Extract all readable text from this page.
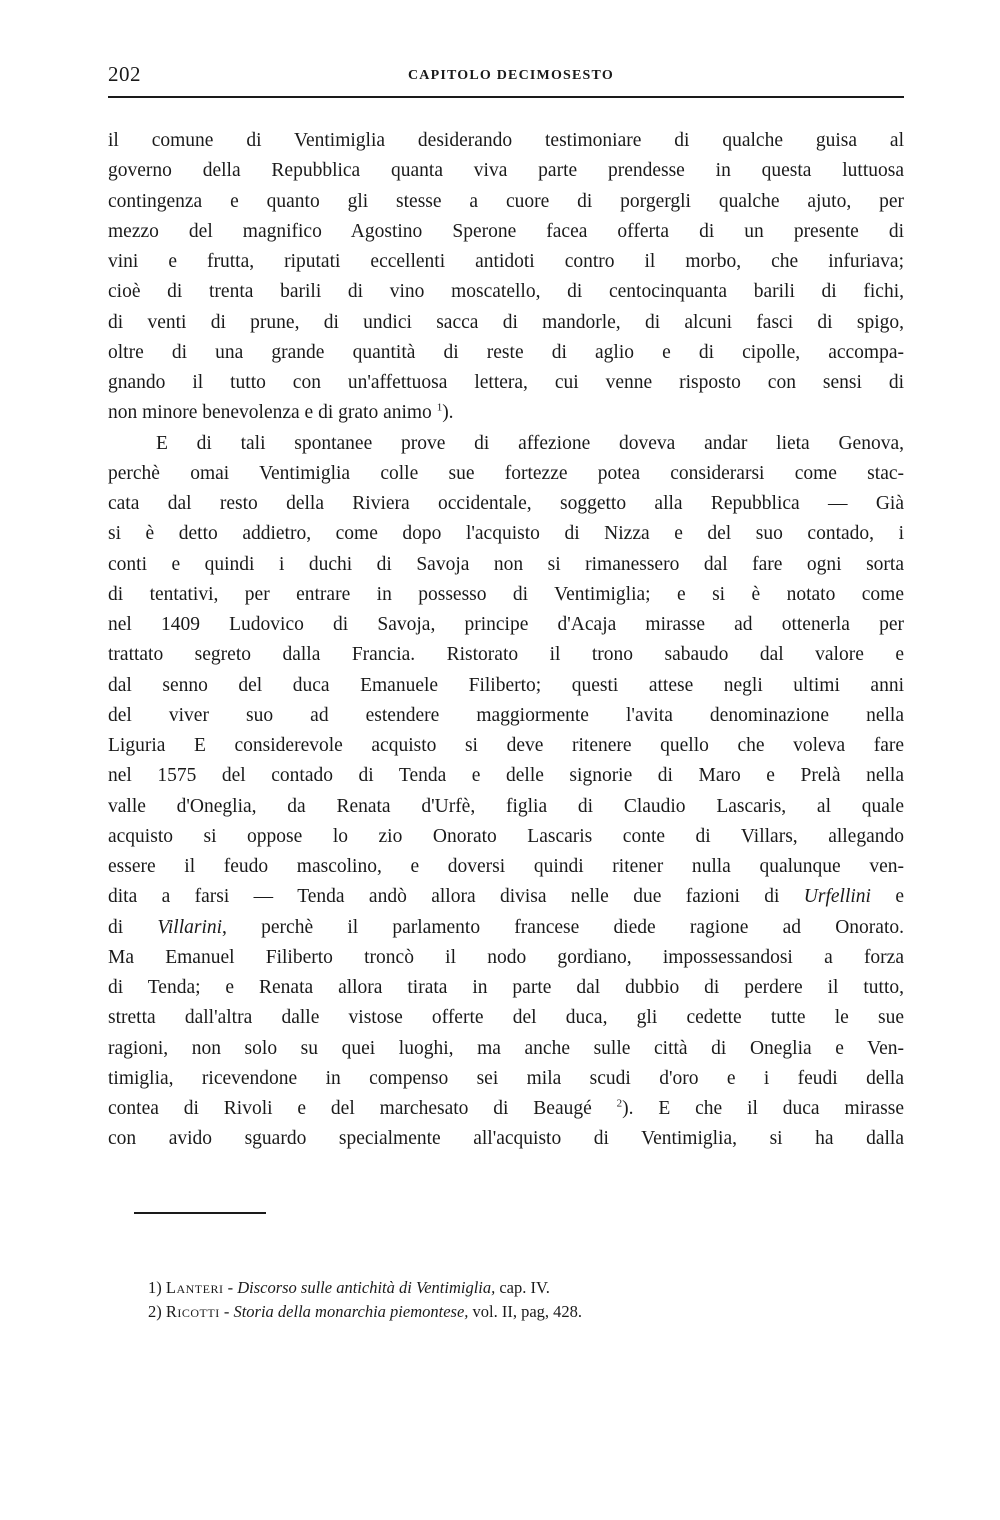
202	CAPITOLO DECIMOSESTO
il comune di Ventimiglia desiderando testimoniare di qualche guisa al
governo della Repubblica quanta viva parte prendesse in questa luttuosa
contingenza e quanto gli stesse a cuore di porgergli qualche ajuto, per
mezzo del magnifico Agostino Sperone facea offerta di un presente di
vini e frutta, riputati eccellenti antidoti contro il morbo, che infuriava;
cioè di trenta barili di vino moscatello, di centocinquanta barili di fichi,
di venti di prune, di undici sacca di mandorle, di alcuni fasci di spigo,
oltre di una grande quantità di reste di aglio e di cipolle, accompa-
gnando il tutto con un'affettuosa lettera, cui venne risposto con sensi di
non minore benevolenza e di grato animo $^1$).
E di tali spontanee prove di affezione doveva andar lieta Genova,
perchè omai Ventimiglia colle sue fortezze potea considerarsi come stac-
cata dal resto della Riviera occidentale, soggetto alla Repubblica — Già
si è detto addietro, come dopo l'acquisto di Nizza e del suo contado, i
conti e quindi i duchi di Savoja non si rimanessero dal fare ogni sorta
di tentativi, per entrare in possesso di Ventimiglia; e si è notato come
nel 1409 Ludovico di Savoja, principe d'Acaja mirasse ad ottenerla per
trattato segreto dalla Francia. Ristorato il trono sabaudo dal valore e
dal senno del duca Emanuele Filiberto; questi attese negli ultimi anni
del viver suo ad estendere maggiormente l'avita denominazione nella
Liguria E considerevole acquisto si deve ritenere quello che voleva fare
nel 1575 del contado di Tenda e delle signorie di Maro e Prelà nella
valle d'Oneglia, da Renata d'Urfè, figlia di Claudio Lascaris, al quale
acquisto si oppose lo zio Onorato Lascaris conte di Villars, allegando
essere il feudo mascolino, e doversi quindi ritener nulla qualunque ven-
dita a farsi — Tenda andò allora divisa nelle due fazioni di Urfellini e
di Villarini, perchè il parlamento francese diede ragione ad Onorato.
Ma Emanuel Filiberto troncò il nodo gordiano, impossessandosi a forza
di Tenda; e Renata allora tirata in parte dal dubbio di perdere il tutto,
stretta dall'altra dalle vistose offerte del duca, gli cedette tutte le sue
ragioni, non solo su quei luoghi, ma anche sulle città di Oneglia e Ven-
timiglia, ricevendone in compenso sei mila scudi d'oro e i feudi della
contea di Rivoli e del marchesato di Beaugé $^2$). E che il duca mirasse
con avido sguardo specialmente all'acquisto di Ventimiglia, si ha dalla
1) Lanteri - Discorso sulle antichità di Ventimiglia, cap. IV.
2) Ricotti - Storia della monarchia piemontese, vol. II, pag, 428.
